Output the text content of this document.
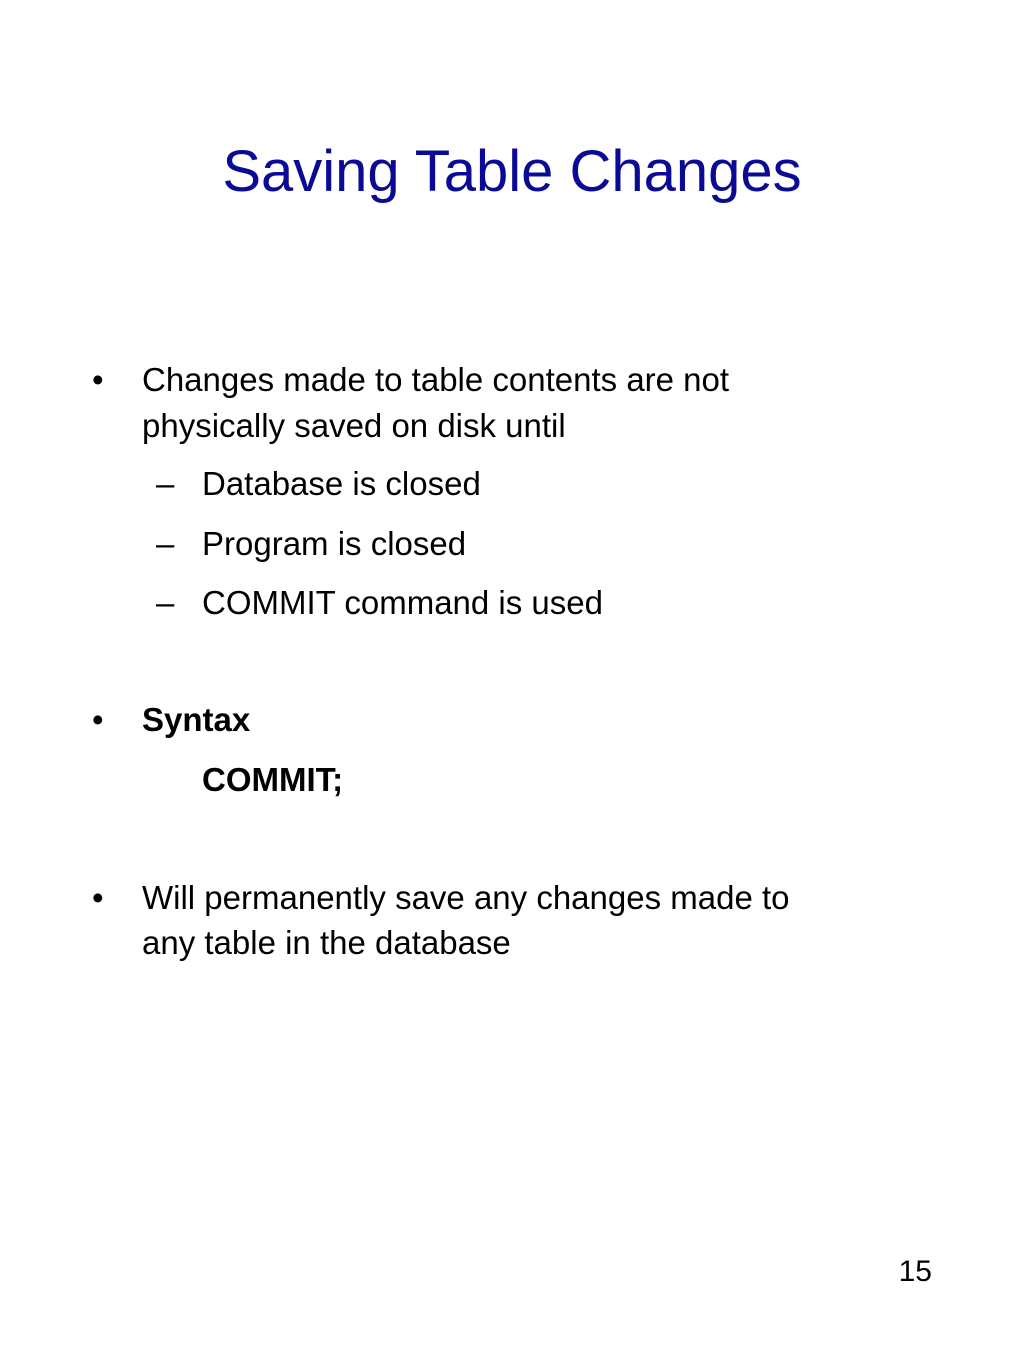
Saving Table Changes
• Changes made to table contents are not
physically saved on disk until
– Database is closed
– Program is closed
– COMMIT command is used
• Syntax
COMMIT;
• Will permanently save any changes made to
any table in the database
15
